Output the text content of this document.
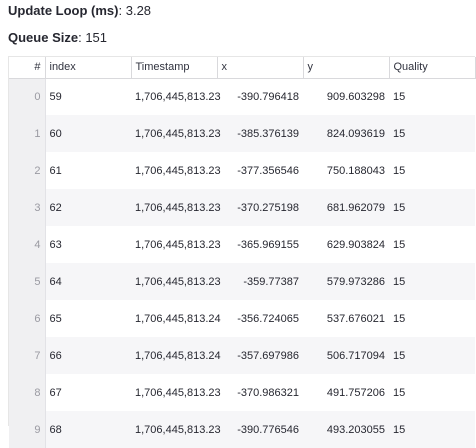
Update Loop (ms): 3.28
Queue Size: 151
#	index	Timestamp	x	y	Quality
0	59	1,706,445,813.23	-390.796418	909.603298	15
1	60	1,706,445,813.23	-385.376139	824.093619	15
2	61	1,706,445,813.23	-377.356546	750.188043	15
3	62	1,706,445,813.23	-370.275198	681.962079	15
4	63	1,706,445,813.23	-365.969155	629.903824	15
5	64	1,706,445,813.23	-359.77387	579.973286	15
6	65	1,706,445,813.24	-356.724065	537.676021	15
7	66	1,706,445,813.24	-357.697986	506.717094	15
8	67	1,706,445,813.23	-370.986321	491.757206	15
9	68	1,706,445,813.23	-390.776546	493.203055	15
